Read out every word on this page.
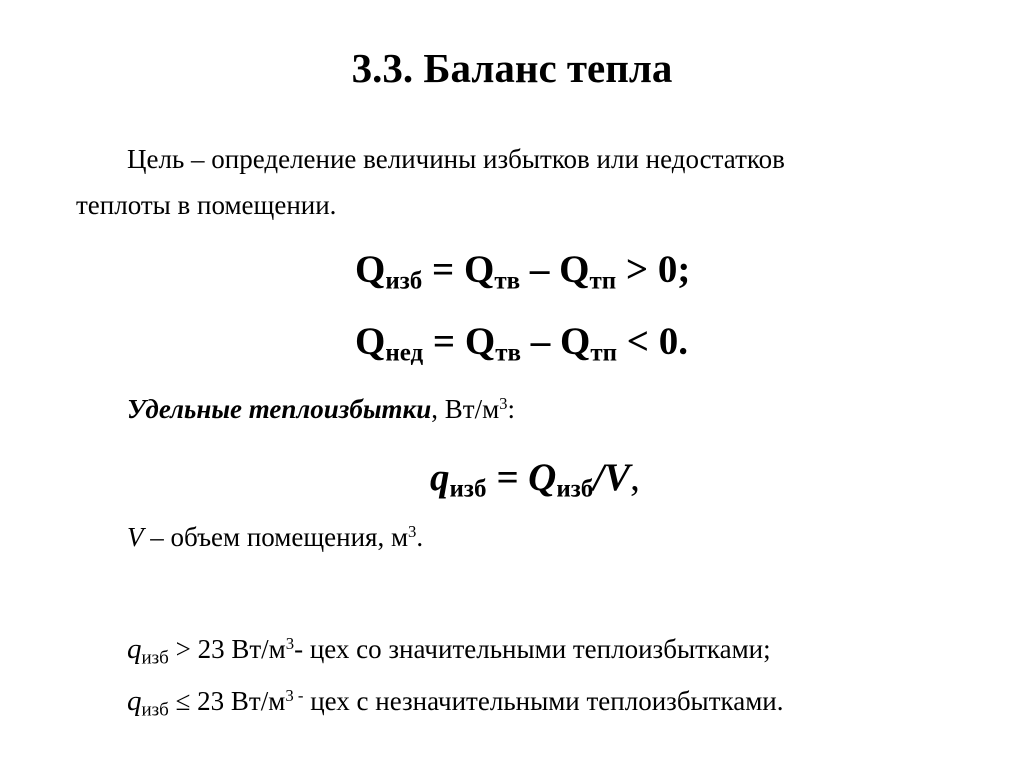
3.3. Баланс тепла
Цель – определение величины избытков или недостатков
теплоты в помещении.
$Q_{изб} = Q_{тв} - Q_{тп} > 0$;
$Q_{нед} = Q_{тв} - Q_{тп} < 0$.
Удельные теплоизбытки, $Вт/м^3$:
$q_{изб} = Q_{изб}/V$,
V – объем помещения, $м^3$.
$q_{изб} > 23$ $Вт/м^3-$ цех со значительными теплоизбытками;
$q_{изб} \le 23$ $Вт/м^{3 -}$ цех с незначительными теплоизбытками.
